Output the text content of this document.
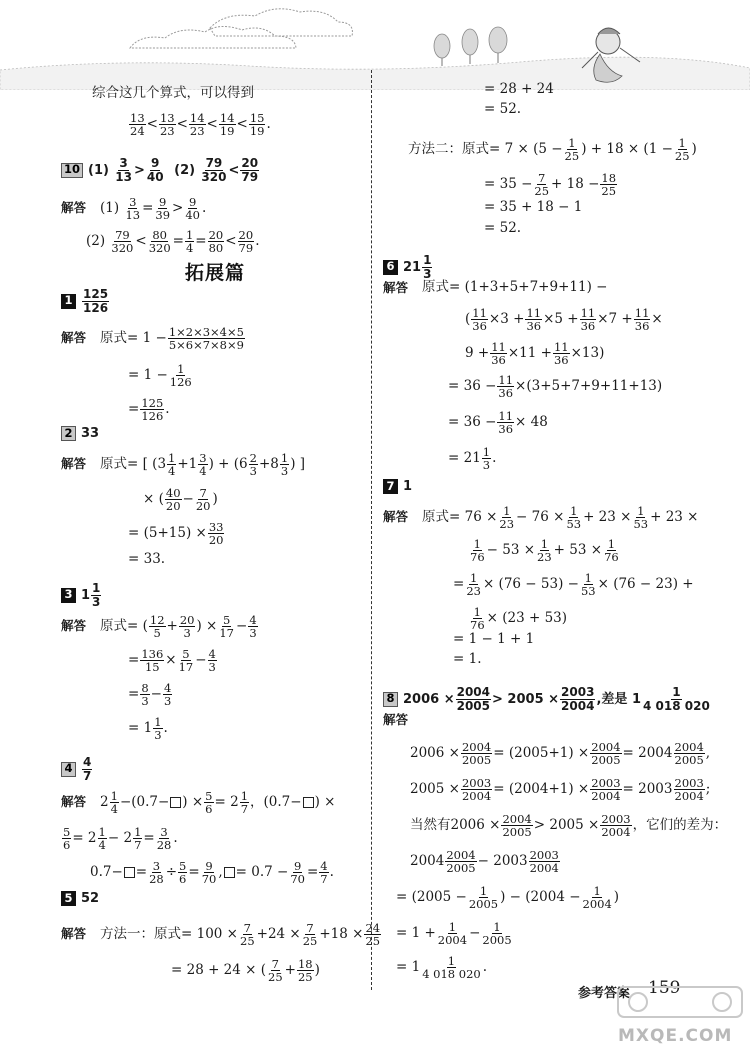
综合这几个算式，可以得到
13
24 < 13
23 < 14
23 < 14
19 < 15
19 .
10 (1)
3
13 > 9
40
(2)
79
320 < 20
79
解答 $(1) \frac{3}{13} = \frac{9}{39} > 9$
40 .
(2) 79
$320 < \frac{80}{320} = \frac{1}{4} = \frac{20}{80} < 20$
79 .
拓展篇
1 125
126
解答 原式 = $1 - \frac{1\times 2\times 3\times 4\times 5}{5\times 6\times 7\times 8\times 9}$
= $1 - \frac{1}{126}$
= $\frac{125}{126}$ .
2 33
解答 原式 = [ (3 1
4 +1 3
4 ) + (6 2
3 +8 1
3 ) ]
× ( 40
$20 - \frac{7}{20}$ )
= $(5+15) \times \frac{33}{20}$
= 33.
3 1 1
3
解答 原式 = ( 12
$5 + \frac{20}{3}$ ) × $\frac{5}{17} - \frac{4}{3}$
= $\frac{136}{15} \times \frac{5}{17} - \frac{4}{3}$
= $\frac{8}{3} - \frac{4}{3}$
= 1 1
3 .
4 4
7
解答 2 1
4 −(0.7− ) × $\frac{5}{6} = 2$ 1
7 ，(0.7− ) ×
$\frac{5}{6} = 2$ 1
$4 - 2 \frac{1}{7} = \frac{3}{28}$ .
$0.7- = \frac{3}{28} \div \frac{5}{6} = \frac{9}{70}$ , = $0.7 - \frac{9}{70} = \frac{4}{7}$ .
5 52
解答 方法一：原式 = $100 \times \frac{7}{25} +24 \times \frac{7}{25} +18 \times \frac{24}{25}$
= 28 + 24 × ( 7
$25 + \frac{18}{25}$ )
= 28 + 24
= 52.
方法二：原式 = $7 \times (5 - \frac{1}{25}$ ) + $18 \times (1 - \frac{1}{25}$ )
= $35 - \frac{7}{25} + 18 - \frac{18}{25}$
= 35 + 18 − 1
= 52.
6 21 1
3
解答 原式 = (1+3+5+7+9+11) −
( $\frac{11}{36} \times 3 + \frac{11}{36} \times 5 + \frac{11}{36} \times 7 + \frac{11}{36}$ ×
$9 + \frac{11}{36} \times 11 + \frac{11}{36} \times 13$)
= $36 - \frac{11}{36} \times(3+5+7+9+11+13)$
= $36 - \frac{11}{36} \times 48$
= 21 1
3 .
7 1
解答 原式 = $76 \times \frac{1}{23} - 76 \times \frac{1}{53} + 23 \times \frac{1}{53} + 23$ ×
1
$76 - 53 \times \frac{1}{23} + 53 \times \frac{1}{76}$
= $\frac{1}{23} \times (76 - 53) - \frac{1}{53} \times (76 - 23)$ +
$\frac{1}{76} \times (23 + 53)$
= 1 − 1 + 1
= 1.
8 $2006 \times \frac{2004}{2005} > 2005 \times \frac{2003}{2004}$ , 差是 1	1
4 018 020
解答
$2006 \times \frac{2004}{2005} = (2005+1) \times \frac{2004}{2005} = 2004$ 2004
2005 ,
$2005 \times \frac{2003}{2004} = (2004+1) \times \frac{2003}{2004} = 2003$ 2003
2004 ;
当然有 $2006 \times \frac{2004}{2005} > 2005 \times \frac{2003}{2004}$ ， 它们的差为：
2004 2004
2005 − 2003 2003
2004
= ($2005 - \frac{1}{2005}$ ) − ($2004 - \frac{1}{2004}$ )
= $1 + \frac{1}{2004} - \frac{1}{2005}$
= 1 1
4 018 020 .
参考答案 159
MXQE.COM
